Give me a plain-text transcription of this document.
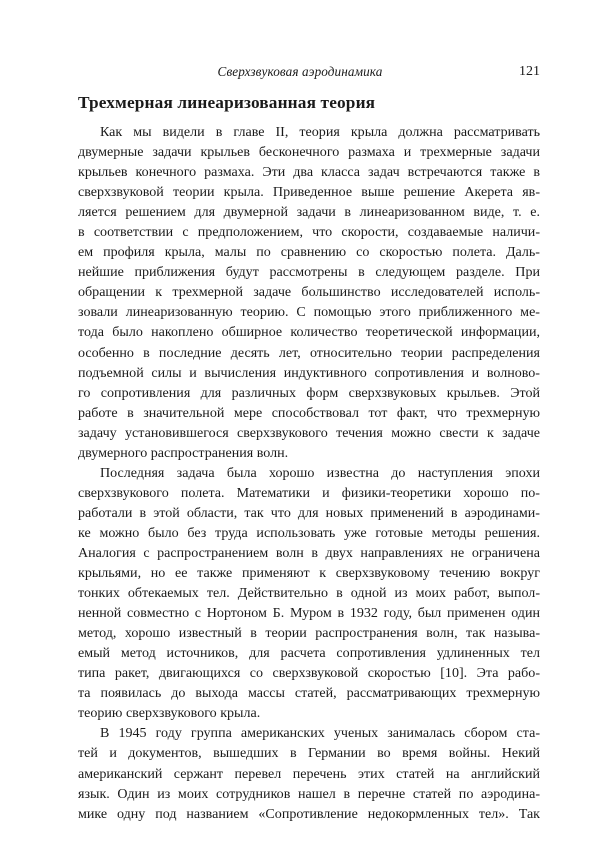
Сверхзвуковая аэродинамика	121
Трехмерная линеаризованная теория
Как мы видели в главе II, теория крыла должна рассматривать
двумерные задачи крыльев бесконечного размаха и трехмерные задачи
крыльев конечного размаха. Эти два класса задач встречаются также в
сверхзвуковой теории крыла. Приведенное выше решение Акерета яв-
ляется решением для двумерной задачи в линеаризованном виде, т. е.
в соответствии с предположением, что скорости, создаваемые наличи-
ем профиля крыла, малы по сравнению со скоростью полета. Даль-
нейшие приближения будут рассмотрены в следующем разделе. При
обращении к трехмерной задаче большинство исследователей исполь-
зовали линеаризованную теорию. С помощью этого приближенного ме-
тода было накоплено обширное количество теоретической информации,
особенно в последние десять лет, относительно теории распределения
подъемной силы и вычисления индуктивного сопротивления и волново-
го сопротивления для различных форм сверхзвуковых крыльев. Этой
работе в значительной мере способствовал тот факт, что трехмерную
задачу установившегося сверхзвукового течения можно свести к задаче
двумерного распространения волн.
Последняя задача была хорошо известна до наступления эпохи
сверхзвукового полета. Математики и физики-теоретики хорошо по-
работали в этой области, так что для новых применений в аэродинами-
ке можно было без труда использовать уже готовые методы решения.
Аналогия с распространением волн в двух направлениях не ограничена
крыльями, но ее также применяют к сверхзвуковому течению вокруг
тонких обтекаемых тел. Действительно в одной из моих работ, выпол-
ненной совместно с Нортоном Б. Муром в 1932 году, был применен один
метод, хорошо известный в теории распространения волн, так называ-
емый метод источников, для расчета сопротивления удлиненных тел
типа ракет, двигающихся со сверхзвуковой скоростью [10]. Эта рабо-
та появилась до выхода массы статей, рассматривающих трехмерную
теорию сверхзвукового крыла.
В 1945 году группа американских ученых занималась сбором ста-
тей и документов, вышедших в Германии во время войны. Некий
американский сержант перевел перечень этих статей на английский
язык. Один из моих сотрудников нашел в перечне статей по аэродина-
мике одну под названием «Сопротивление недокормленных тел». Так
